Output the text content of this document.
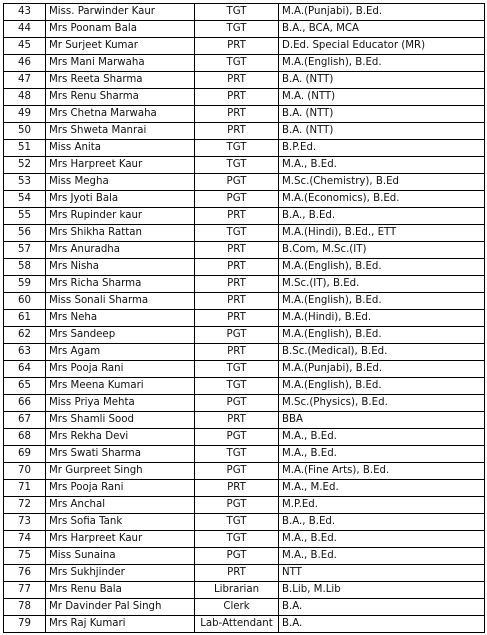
43	Miss. Parwinder Kaur	TGT	M.A.(Punjabi), B.Ed.
44	Mrs Poonam Bala	TGT	B.A., BCA, MCA
45	Mr Surjeet Kumar	PRT	D.Ed. Special Educator (MR)
46	Mrs Mani Marwaha	TGT	M.A.(English), B.Ed.
47	Mrs Reeta Sharma	PRT	B.A. (NTT)
48	Mrs Renu Sharma	PRT	M.A. (NTT)
49	Mrs Chetna Marwaha	PRT	B.A. (NTT)
50	Mrs Shweta Manrai	PRT	B.A. (NTT)
51	Miss Anita	TGT	B.P.Ed.
52	Mrs Harpreet Kaur	TGT	M.A., B.Ed.
53	Miss Megha	PGT	M.Sc.(Chemistry), B.Ed
54	Mrs Jyoti Bala	PGT	M.A.(Economics), B.Ed.
55	Mrs Rupinder kaur	PRT	B.A., B.Ed.
56	Mrs Shikha Rattan	TGT	M.A.(Hindi), B.Ed., ETT
57	Mrs Anuradha	PRT	B.Com, M.Sc.(IT)
58	Mrs Nisha	PRT	M.A.(English), B.Ed.
59	Mrs Richa Sharma	PRT	M.Sc.(IT), B.Ed.
60	Miss Sonali Sharma	PRT	M.A.(English), B.Ed.
61	Mrs Neha	PRT	M.A.(Hindi), B.Ed.
62	Mrs Sandeep	PGT	M.A.(English), B.Ed.
63	Mrs Agam	PRT	B.Sc.(Medical), B.Ed.
64	Mrs Pooja Rani	TGT	M.A.(Punjabi), B.Ed.
65	Mrs Meena Kumari	TGT	M.A.(English), B.Ed.
66	Miss Priya Mehta	PGT	M.Sc.(Physics), B.Ed.
67	Mrs Shamli Sood	PRT	BBA
68	Mrs Rekha Devi	PGT	M.A., B.Ed.
69	Mrs Swati Sharma	TGT	M.A., B.Ed.
70	Mr Gurpreet Singh	PGT	M.A.(Fine Arts), B.Ed.
71	Mrs Pooja Rani	PRT	M.A., M.Ed.
72	Mrs Anchal	PGT	M.P.Ed.
73	Mrs Sofia Tank	TGT	B.A., B.Ed.
74	Mrs Harpreet Kaur	TGT	M.A., B.Ed.
75	Miss Sunaina	PGT	M.A., B.Ed.
76	Mrs Sukhjinder	PRT	NTT
77	Mrs Renu Bala	Librarian	B.Lib, M.Lib
78	Mr Davinder Pal Singh	Clerk	B.A.
79	Mrs Raj Kumari	Lab-Attendant	B.A.
